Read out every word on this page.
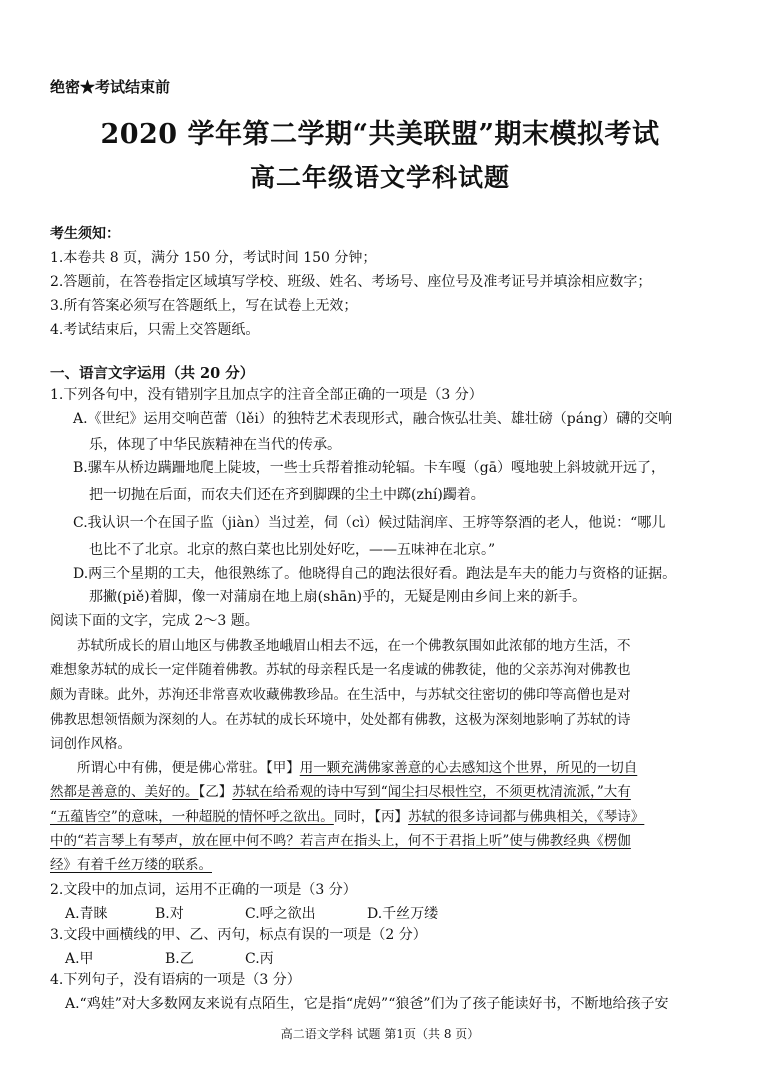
绝密★考试结束前
2020 学年第二学期“共美联盟”期末模拟考试
高二年级语文学科试题
考生须知：
1.本卷共 8 页，满分 150 分，考试时间 150 分钟；
2.答题前，在答卷指定区域填写学校、班级、姓名、考场号、座位号及准考证号并填涂相应数字；
3.所有答案必须写在答题纸上，写在试卷上无效；
4.考试结束后，只需上交答题纸。
一、语言文字运用（共 20 分）
1.下列各句中，没有错别字且加点字的注音全部正确的一项是（3 分）
A.《世纪》运用交响芭蕾（lěi）的独特艺术表现形式，融合恢弘壮美、雄壮磅（páng）礴的交响
乐，体现了中华民族精神在当代的传承。
B.骡车从桥边蹒跚地爬上陡坡，一些士兵帮着推动轮辐。卡车嘎（gā）嘎地驶上斜坡就开远了，
把一切抛在后面，而农夫们还在齐到脚踝的尘土中踯(zhí)躅着。
C.我认识一个在国子监（jiàn）当过差，伺（cì）候过陆润庠、王垿等祭酒的老人，他说：“哪儿
也比不了北京。北京的熬白菜也比别处好吃，——五味神在北京。”
D.两三个星期的工夫，他很熟练了。他晓得自己的跑法很好看。跑法是车夫的能力与资格的证据。
那撇(piě)着脚，像一对蒲扇在地上扇(shān)乎的，无疑是刚由乡间上来的新手。
阅读下面的文字，完成 2～3 题。
苏轼所成长的眉山地区与佛教圣地峨眉山相去不远，在一个佛教氛围如此浓郁的地方生活，不
难想象苏轼的成长一定伴随着佛教。苏轼的母亲程氏是一名虔诚的佛教徒，他的父亲苏洵对佛教也
颇为青睐。此外，苏洵还非常喜欢收藏佛教珍品。在生活中，与苏轼交往密切的佛印等高僧也是对
佛教思想领悟颇为深刻的人。在苏轼的成长环境中，处处都有佛教，这极为深刻地影响了苏轼的诗
词创作风格。
所谓心中有佛，便是佛心常驻。【甲】用一颗充满佛家善意的心去感知这个世界，所见的一切自
然都是善意的、美好的。【乙】苏轼在给希观的诗中写到“闻尘扫尽根性空，不须更枕清流派，”大有
“五蕴皆空”的意味，一种超脱的情怀呼之欲出。同时，【丙】苏轼的很多诗词都与佛典相关，《琴诗》
中的“若言琴上有琴声，放在匣中何不鸣？若言声在指头上，何不于君指上听”使与佛教经典《楞伽
经》有着千丝万缕的联系。
2.文段中的加点词，运用不正确的一项是（3 分）
A.青睐	B.对	C.呼之欲出	D.千丝万缕
3.文段中画横线的甲、乙、丙句，标点有误的一项是（2 分）
A.甲	B.乙	C.丙
4.下列句子，没有语病的一项是（3 分）
A.“鸡娃”对大多数网友来说有点陌生，它是指“虎妈”“狼爸”们为了孩子能读好书，不断地给孩子安
高二语文学科 试题 第1页（共 8 页）
